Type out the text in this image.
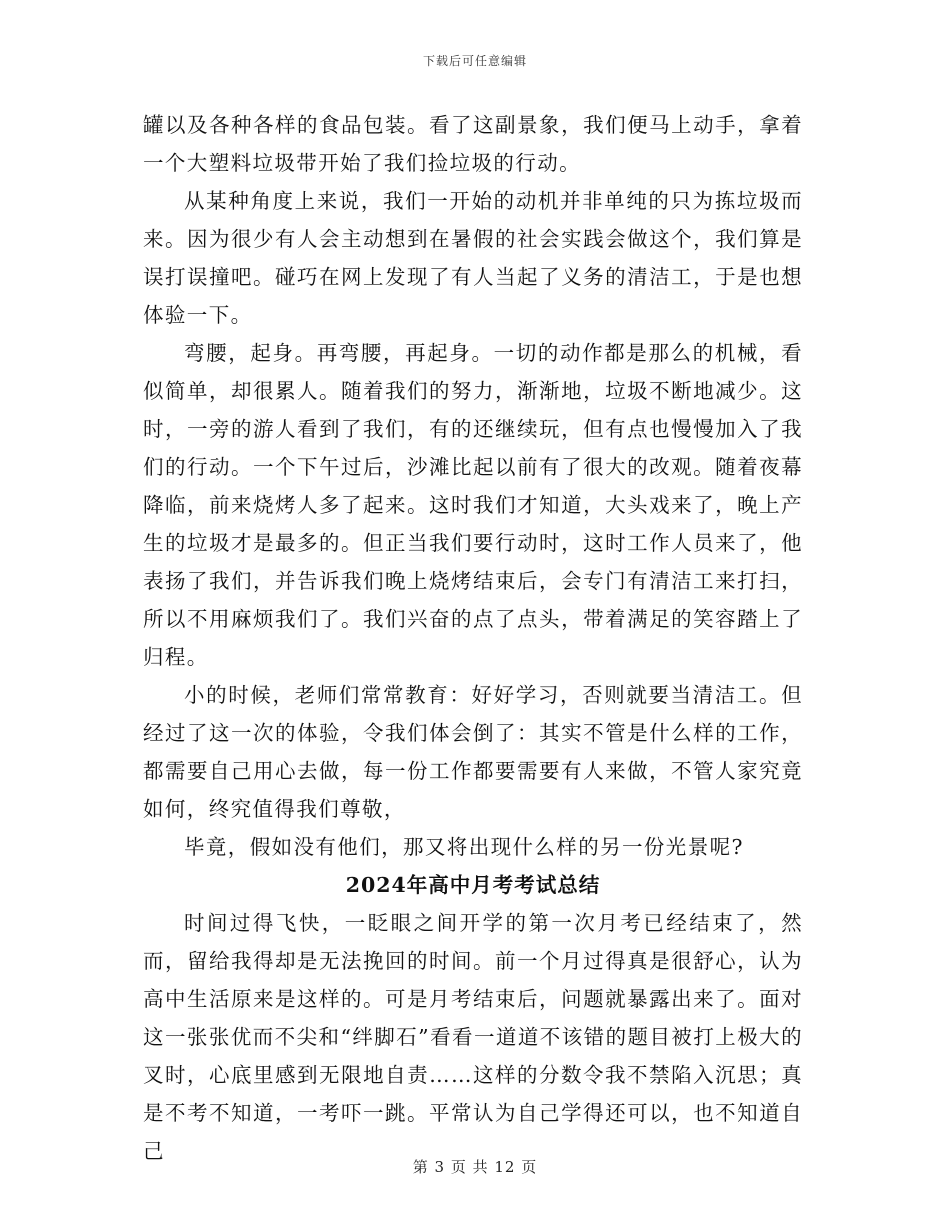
下载后可任意编辑

罐以及各种各样的食品包装。看了这副景象，我们便马上动手，拿着一个大塑料垃圾带开始了我们捡垃圾的行动。

从某种角度上来说，我们一开始的动机并非单纯的只为拣垃圾而来。因为很少有人会主动想到在暑假的社会实践会做这个，我们算是误打误撞吧。碰巧在网上发现了有人当起了义务的清洁工，于是也想体验一下。

弯腰，起身。再弯腰，再起身。一切的动作都是那么的机械，看似简单，却很累人。随着我们的努力，渐渐地，垃圾不断地减少。这时，一旁的游人看到了我们，有的还继续玩，但有点也慢慢加入了我们的行动。一个下午过后，沙滩比起以前有了很大的改观。随着夜幕降临，前来烧烤人多了起来。这时我们才知道，大头戏来了，晚上产生的垃圾才是最多的。但正当我们要行动时，这时工作人员来了，他表扬了我们，并告诉我们晚上烧烤结束后，会专门有清洁工来打扫，所以不用麻烦我们了。我们兴奋的点了点头，带着满足的笑容踏上了归程。

小的时候，老师们常常教育：好好学习，否则就要当清洁工。但经过了这一次的体验，令我们体会倒了：其实不管是什么样的工作，都需要自己用心去做，每一份工作都要需要有人来做，不管人家究竟如何，终究值得我们尊敬，

毕竟，假如没有他们，那又将出现什么样的另一份光景呢?

2024年高中月考考试总结

时间过得飞快，一眨眼之间开学的第一次月考已经结束了，然而，留给我得却是无法挽回的时间。前一个月过得真是很舒心，认为高中生活原来是这样的。可是月考结束后，问题就暴露出来了。面对这一张张优而不尖和“绊脚石”看看一道道不该错的题目被打上极大的叉时，心底里感到无限地自责……这样的分数令我不禁陷入沉思；真是不考不知道，一考吓一跳。平常认为自己学得还可以，也不知道自己

第 3 页 共 12 页
